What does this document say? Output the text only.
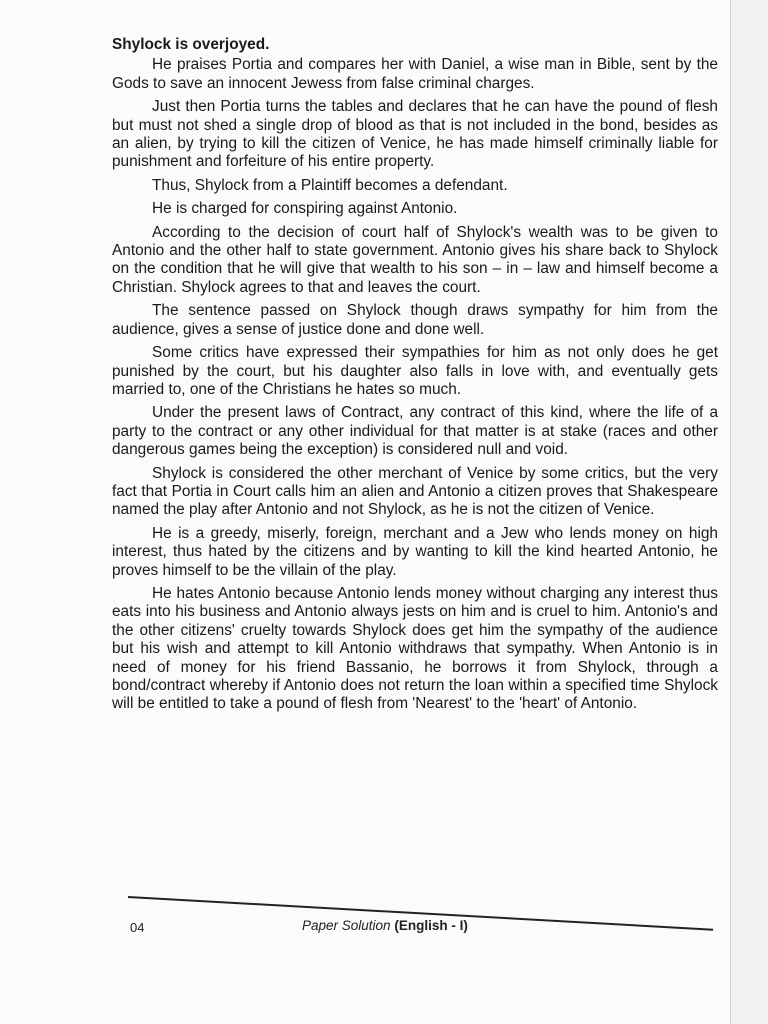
Shylock is overjoyed.

He praises Portia and compares her with Daniel, a wise man in Bible, sent by the Gods to save an innocent Jewess from false criminal charges.

Just then Portia turns the tables and declares that he can have the pound of flesh but must not shed a single drop of blood as that is not included in the bond, besides as an alien, by trying to kill the citizen of Venice, he has made himself criminally liable for punishment and forfeiture of his entire property.

Thus, Shylock from a Plaintiff becomes a defendant.

He is charged for conspiring against Antonio.

According to the decision of court half of Shylock's wealth was to be given to Antonio and the other half to state government. Antonio gives his share back to Shylock on the condition that he will give that wealth to his son – in – law and himself become a Christian. Shylock agrees to that and leaves the court.

The sentence passed on Shylock though draws sympathy for him from the audience, gives a sense of justice done and done well.

Some critics have expressed their sympathies for him as not only does he get punished by the court, but his daughter also falls in love with, and eventually gets married to, one of the Christians he hates so much.

Under the present laws of Contract, any contract of this kind, where the life of a party to the contract or any other individual for that matter is at stake (races and other dangerous games being the exception) is considered null and void.

Shylock is considered the other merchant of Venice by some critics, but the very fact that Portia in Court calls him an alien and Antonio a citizen proves that Shakespeare named the play after Antonio and not Shylock, as he is not the citizen of Venice.

He is a greedy, miserly, foreign, merchant and a Jew who lends money on high interest, thus hated by the citizens and by wanting to kill the kind hearted Antonio, he proves himself to be the villain of the play.

He hates Antonio because Antonio lends money without charging any interest thus eats into his business and Antonio always jests on him and is cruel to him. Antonio's and the other citizens' cruelty towards Shylock does get him the sympathy of the audience but his wish and attempt to kill Antonio withdraws that sympathy. When Antonio is in need of money for his friend Bassanio, he borrows it from Shylock, through a bond/contract whereby if Antonio does not return the loan within a specified time Shylock will be entitled to take a pound of flesh from 'Nearest' to the 'heart' of Antonio.

04	Paper Solution (English - I)
